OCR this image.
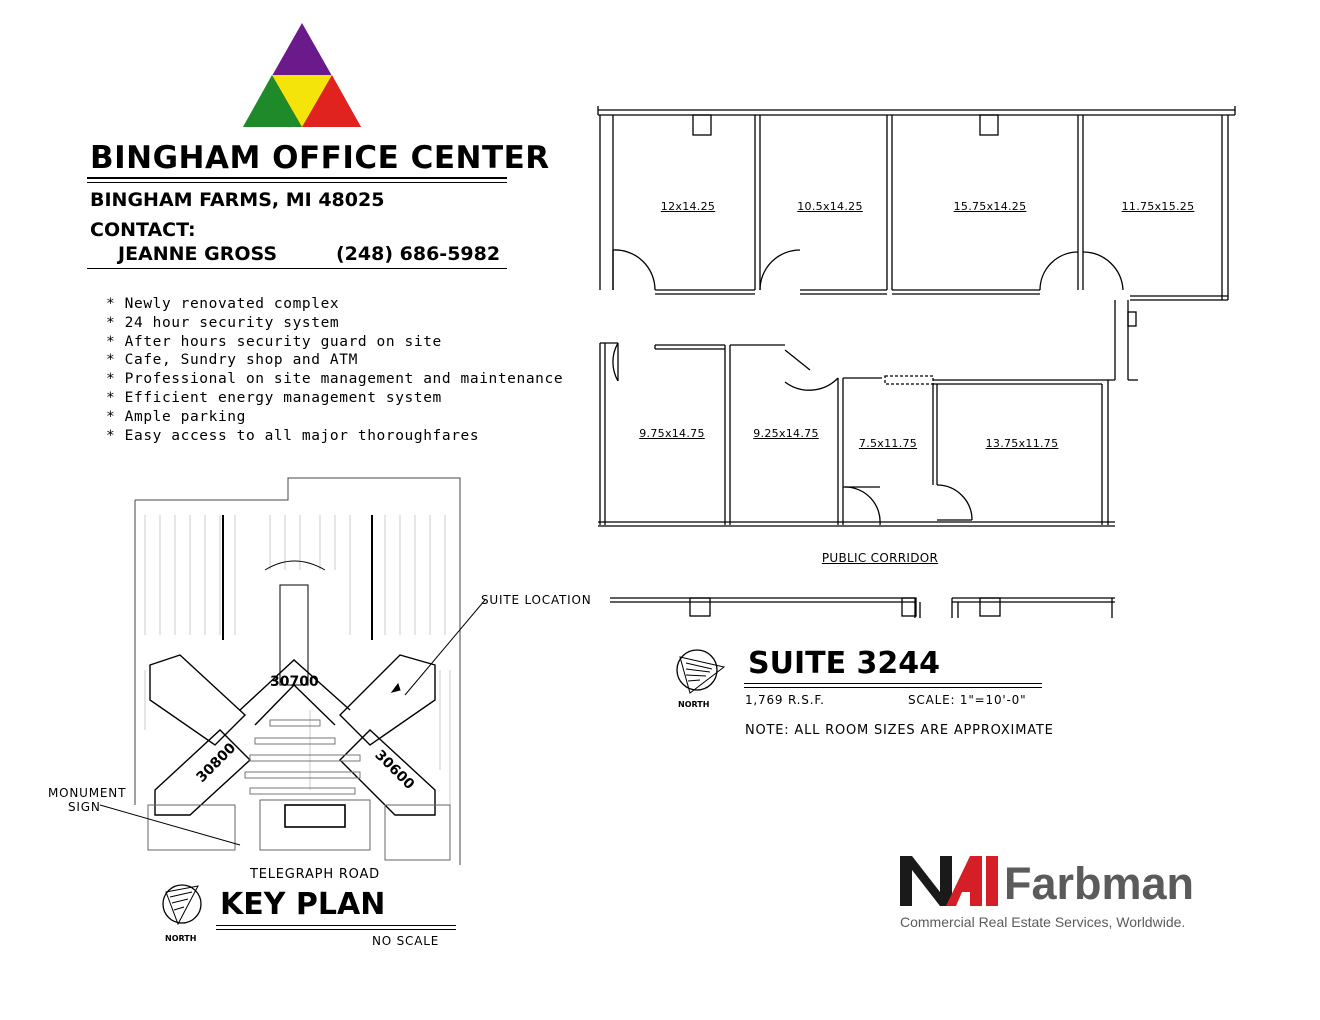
BINGHAM OFFICE CENTER
BINGHAM FARMS, MI 48025
CONTACT:
JEANNE GROSS	(248) 686-5982
* Newly renovated complex
* 24 hour security system
* After hours security guard on site
* Cafe, Sundry shop and ATM
* Professional on site management and maintenance
* Efficient energy management system
* Ample parking
* Easy access to all major thoroughfares
12x14.25	10.5x14.25	15.75x14.25	11.75x15.25
9.75x14.75	9.25x14.75
7.5x11.75	13.75x11.75
PUBLIC CORRIDOR
NORTH
SUITE 3244
1,769 R.S.F.	SCALE: 1"=10'-0"
NOTE: ALL ROOM SIZES ARE APPROXIMATE
30700
30800	30600
SUITE LOCATION
MONUMENT
SIGN
TELEGRAPH ROAD
NORTH
KEY PLAN
NO SCALE
Farbman
Commercial Real Estate Services, Worldwide.
